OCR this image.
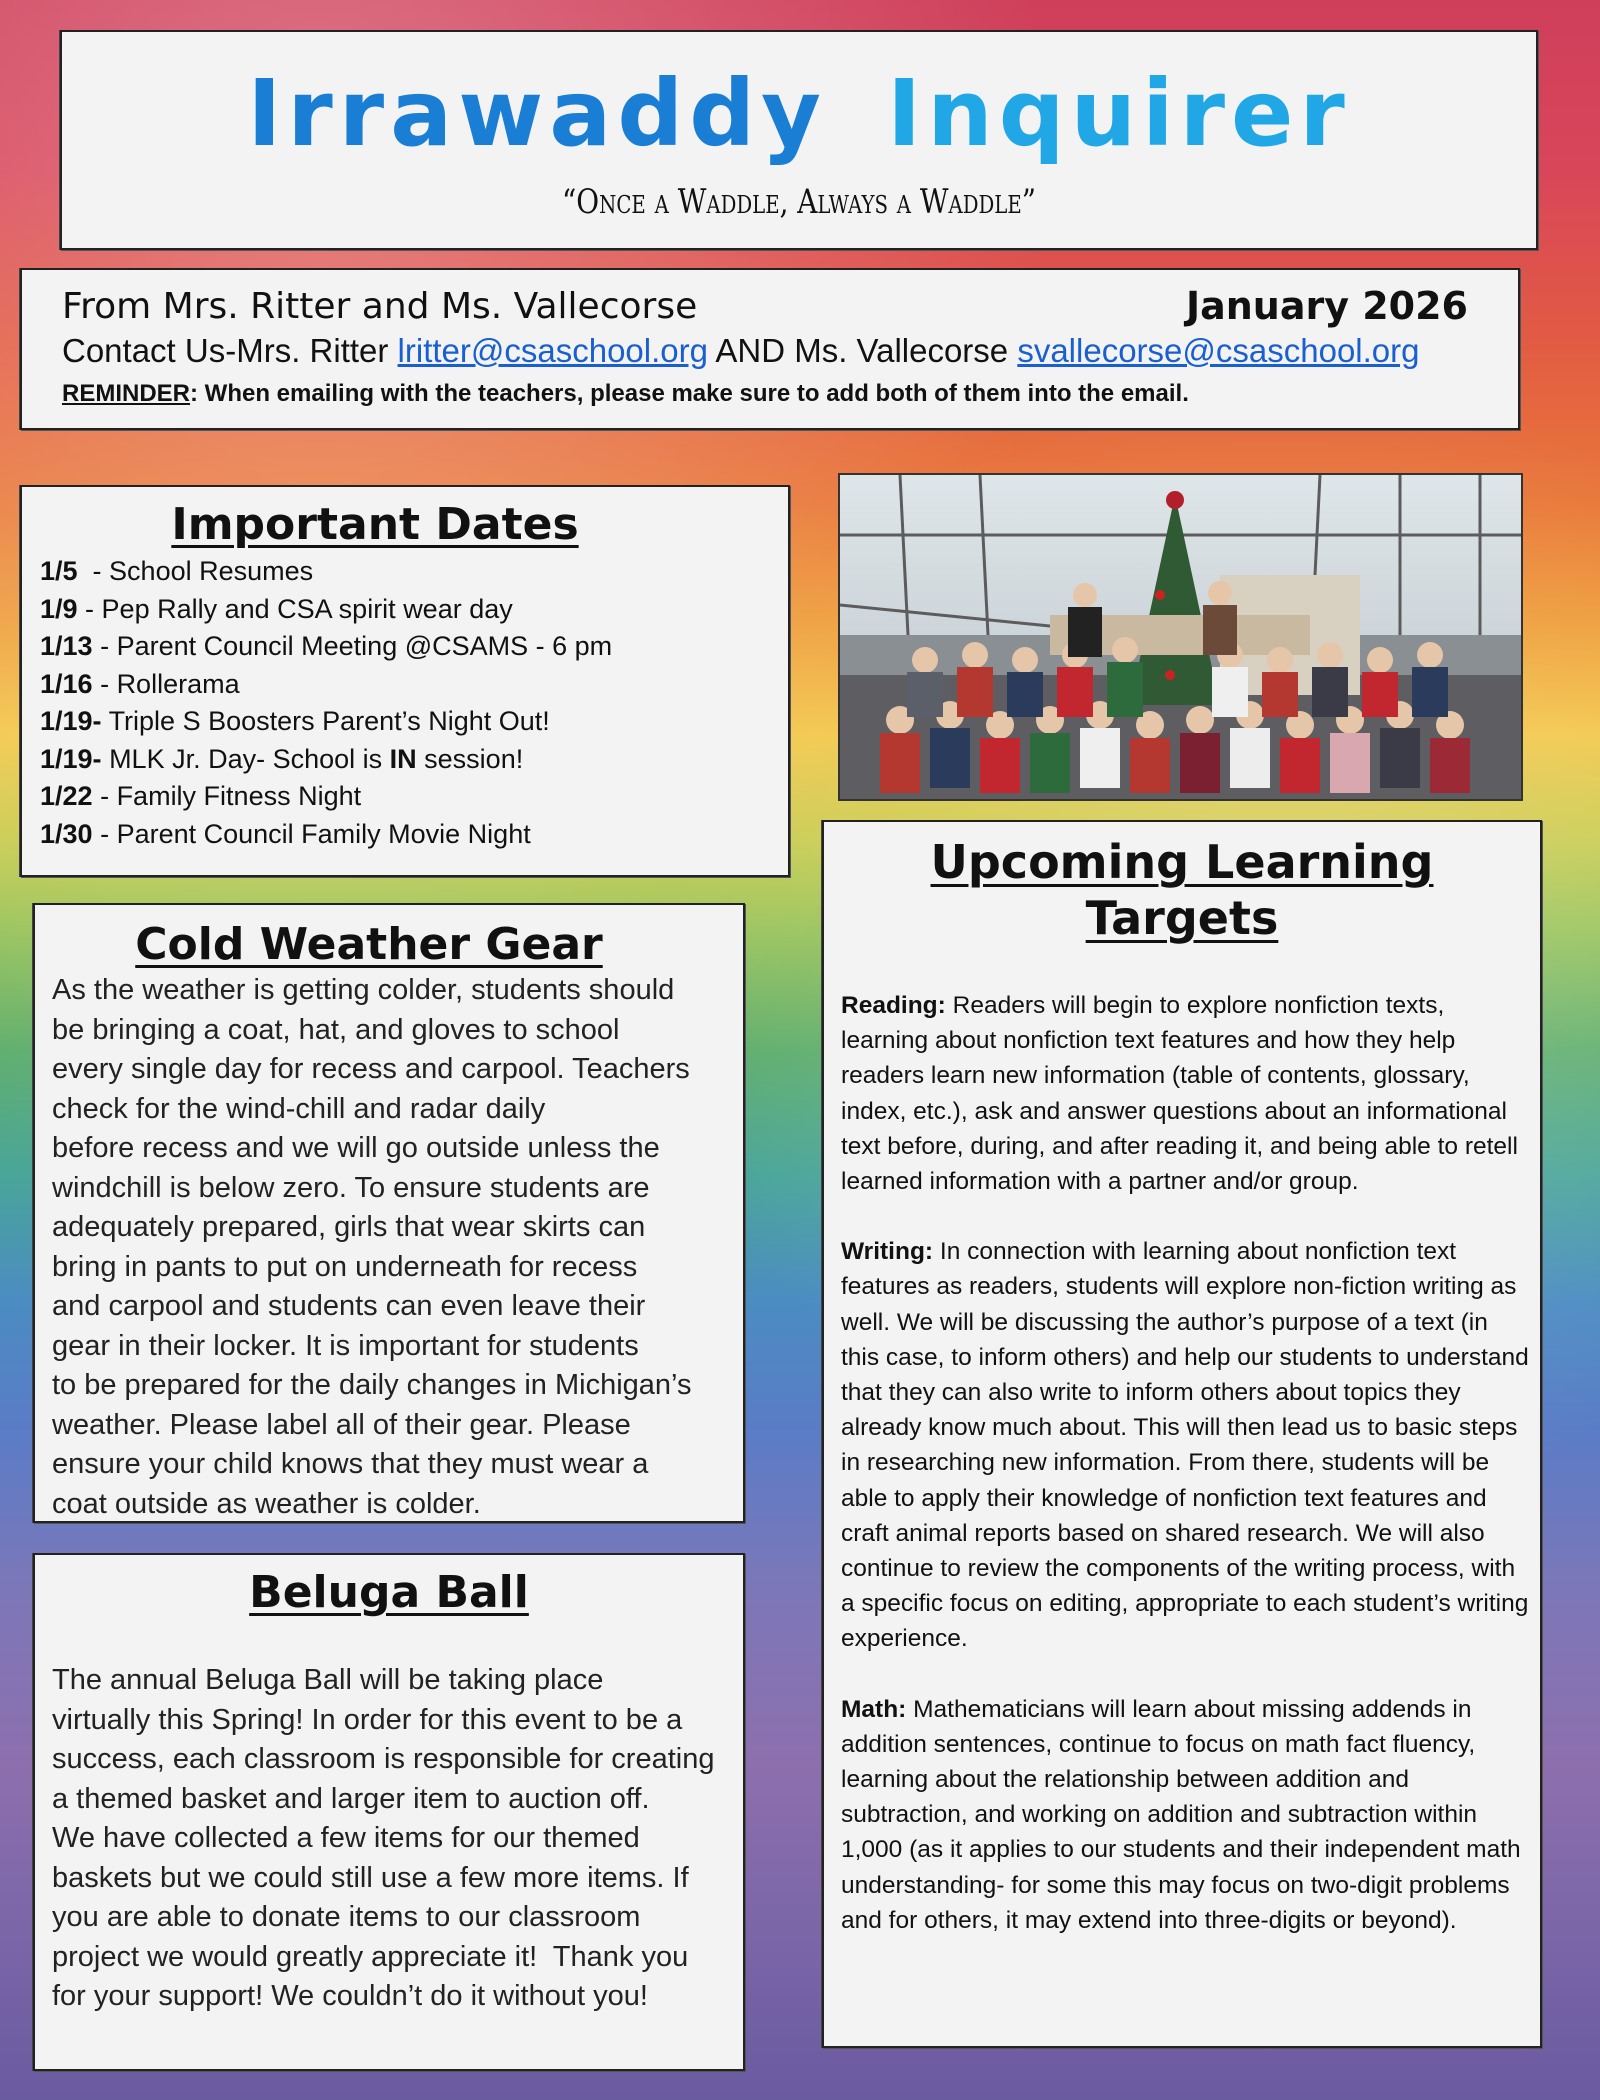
Irrawaddy Inquirer
“Once a Waddle, Always a Waddle”
From Mrs. Ritter and Ms. Vallecorse	January 2026
Contact Us-Mrs. Ritter lritter@csaschool.org AND Ms. Vallecorse svallecorse@csaschool.org
REMINDER: When emailing with the teachers, please make sure to add both of them into the email.
Important Dates
1/5  - School Resumes
1/9 - Pep Rally and CSA spirit wear day
1/13 - Parent Council Meeting @CSAMS - 6 pm
1/16 - Rollerama
1/19- Triple S Boosters Parent’s Night Out!
1/19- MLK Jr. Day- School is IN session!
1/22 - Family Fitness Night
1/30 - Parent Council Family Movie Night
Upcoming Learning
Targets

Reading: Readers will begin to explore nonfiction texts, learning about nonfiction text features and how they help readers learn new information (table of contents, glossary, index, etc.), ask and answer questions about an informational text before, during, and after reading it, and being able to retell learned information with a partner and/or group.

Writing: In connection with learning about nonfiction text features as readers, students will explore non-fiction writing as well. We will be discussing the author’s purpose of a text (in this case, to inform others) and help our students to understand that they can also write to inform others about topics they already know much about. This will then lead us to basic steps in researching new information. From there, students will be able to apply their knowledge of nonfiction text features and craft animal reports based on shared research. We will also continue to review the components of the writing process, with a specific focus on editing, appropriate to each student’s writing experience.

Math: Mathematicians will learn about missing addends in addition sentences, continue to focus on math fact fluency, learning about the relationship between addition and subtraction, and working on addition and subtraction within 1,000 (as it applies to our students and their independent math understanding- for some this may focus on two-digit problems and for others, it may extend into three-digits or beyond).

Cold Weather Gear
As the weather is getting colder, students should
be bringing a coat, hat, and gloves to school
every single day for recess and carpool. Teachers
check for the wind-chill and radar daily
before recess and we will go outside unless the
windchill is below zero. To ensure students are
adequately prepared, girls that wear skirts can
bring in pants to put on underneath for recess
and carpool and students can even leave their
gear in their locker. It is important for students
to be prepared for the daily changes in Michigan’s
weather. Please label all of their gear. Please
ensure your child knows that they must wear a
coat outside as weather is colder.
Beluga Ball
The annual Beluga Ball will be taking place
virtually this Spring! In order for this event to be a
success, each classroom is responsible for creating
a themed basket and larger item to auction off.
We have collected a few items for our themed
baskets but we could still use a few more items. If
you are able to donate items to our classroom
project we would greatly appreciate it!  Thank you
for your support! We couldn’t do it without you!
